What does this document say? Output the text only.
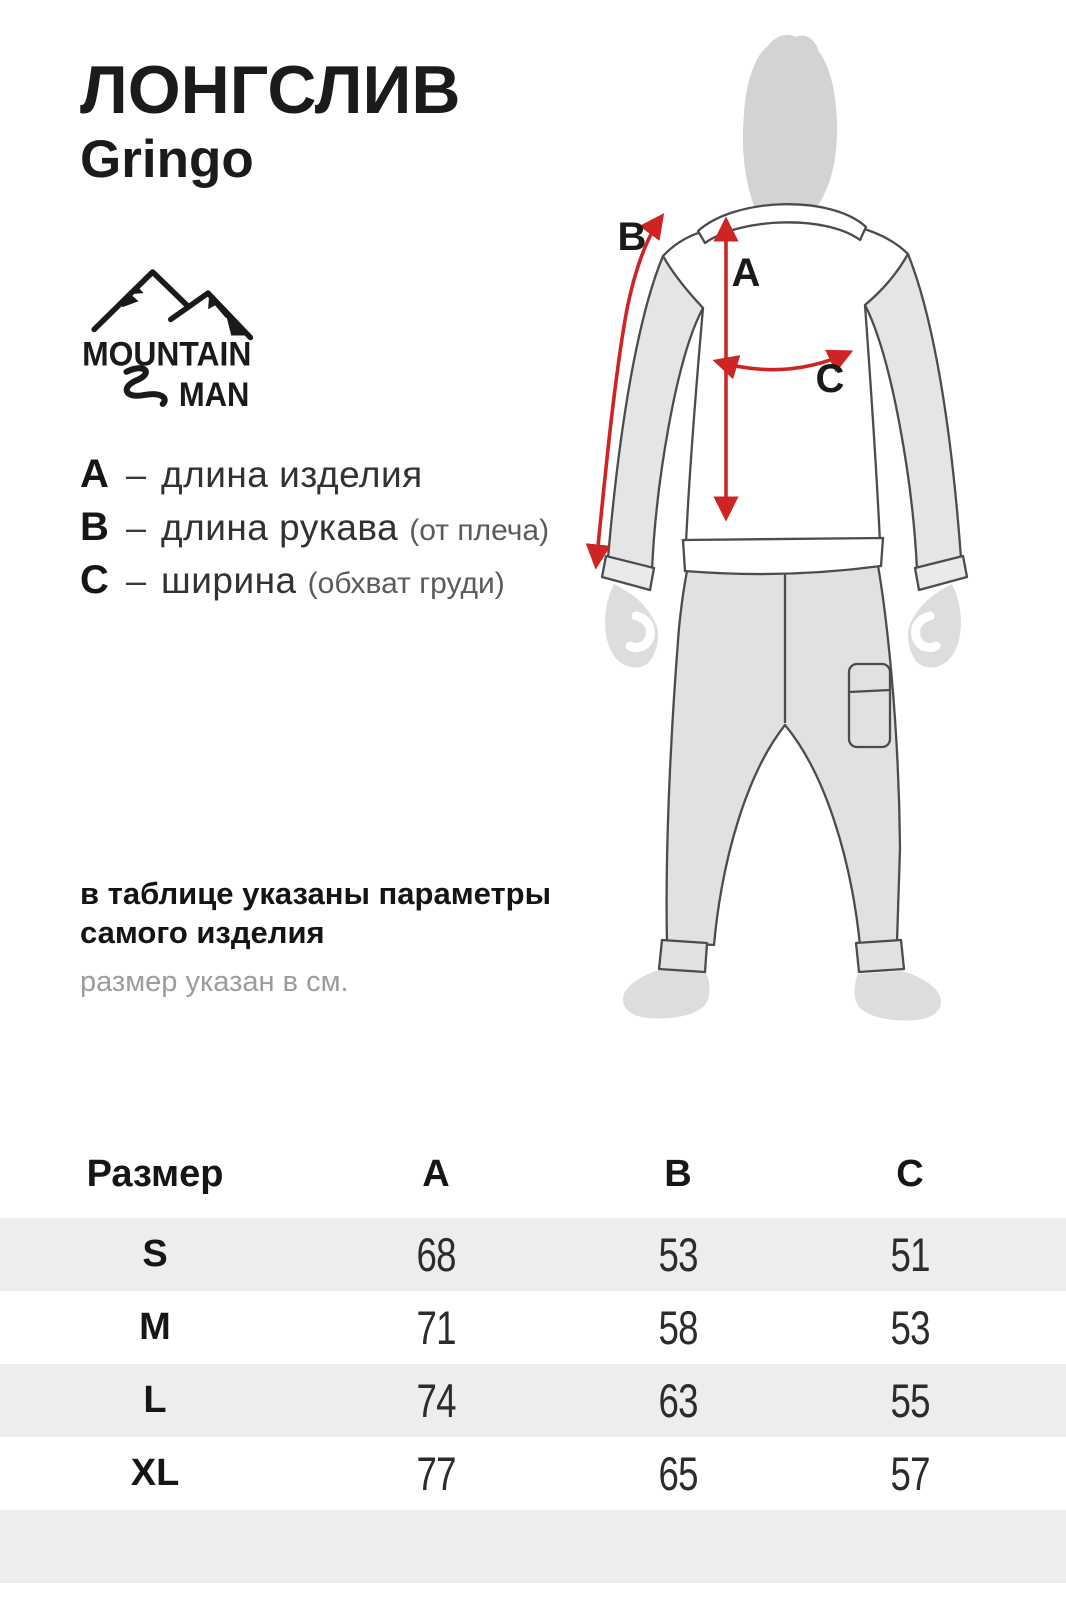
ЛОНГСЛИВ
Gringo
MOUNTAIN
MAN
A – длина изделия
B – длина рукава (от плеча)
C – ширина (обхват груди)
в таблице указаны параметры
самого изделия
размер указан в см.
A
B
C
Размер	A	B	C
S	68	53	51
M	71	58	53
L	74	63	55
XL	77	65	57
